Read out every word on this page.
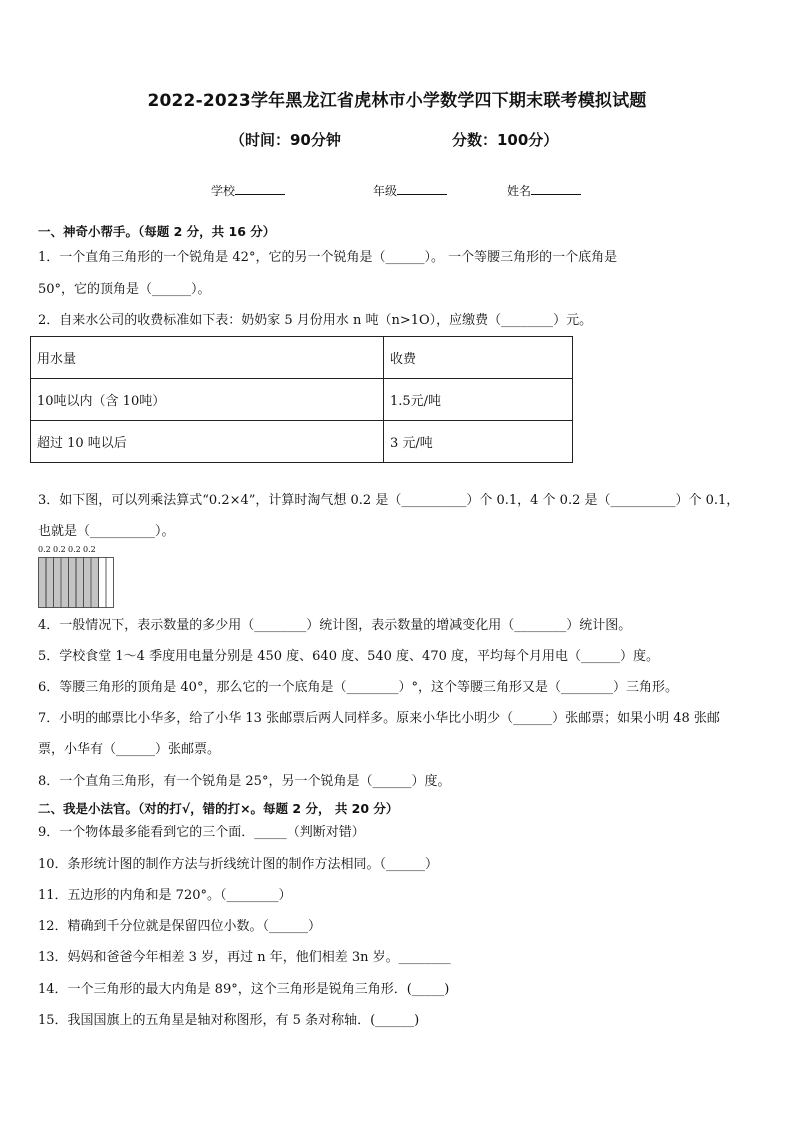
2022-2023学年黑龙江省虎林市小学数学四下期末联考模拟试题
（时间：90分钟	分数：100分）
学校	年级	姓名
一、神奇小帮手。（每题 2 分，共 16 分）
1．一个直角三角形的一个锐角是 42°，它的另一个锐角是（______）。 一个等腰三角形的一个底角是
50°，它的顶角是（______）。
2．自来水公司的收费标准如下表：奶奶家 5 月份用水 n 吨（n>1O），应缴费（________）元。
用水量	收费
10吨以内（含 10吨）	1.5元/吨
超过 10 吨以后	3 元/吨
3．如下图，可以列乘法算式“0.2×4”，计算时淘气想 0.2 是（__________）个 0.1，4 个 0.2 是（__________）个 0.1，
也就是（__________）。
0.2 0.2 0.2 0.2
4．一般情况下，表示数量的多少用（________）统计图，表示数量的增减变化用（________）统计图。
5．学校食堂 1～4 季度用电量分别是 450 度、640 度、540 度、470 度，平均每个月用电（______）度。
6．等腰三角形的顶角是 40°，那么它的一个底角是（________）°，这个等腰三角形又是（________）三角形。
7．小明的邮票比小华多，给了小华 13 张邮票后两人同样多。原来小华比小明少（______）张邮票；如果小明 48 张邮
票，小华有（______）张邮票。
8．一个直角三角形，有一个锐角是 25°，另一个锐角是（______）度。
二、我是小法官。（对的打√，错的打×。每题 2 分， 共 20 分）
9．一个物体最多能看到它的三个面．_____（判断对错）
10．条形统计图的制作方法与折线统计图的制作方法相同。（______）
11．五边形的内角和是 720°。（________）
12．精确到千分位就是保留四位小数。（______）
13．妈妈和爸爸今年相差 3 岁，再过 n 年，他们相差 3n 岁。________
14．一个三角形的最大内角是 89°，这个三角形是锐角三角形．(_____)
15．我国国旗上的五角星是轴对称图形，有 5 条对称轴．(______)
